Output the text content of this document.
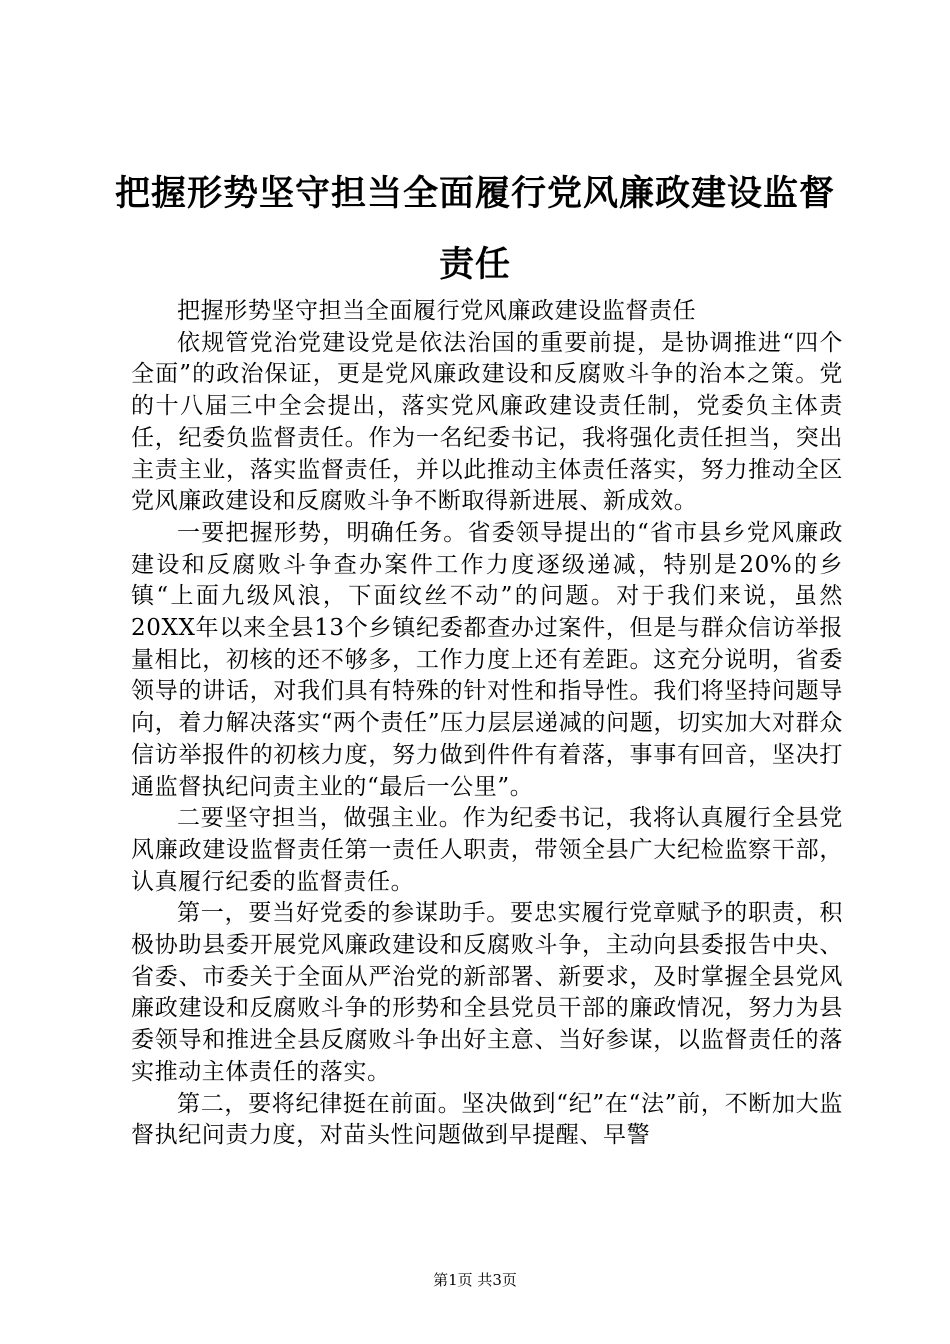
把握形势坚守担当全面履行党风廉政建设监督责任

把握形势坚守担当全面履行党风廉政建设监督责任

依规管党治党建设党是依法治国的重要前提，是协调推进“四个全面”的政治保证，更是党风廉政建设和反腐败斗争的治本之策。党的十八届三中全会提出，落实党风廉政建设责任制，党委负主体责任，纪委负监督责任。作为一名纪委书记，我将强化责任担当，突出主责主业，落实监督责任，并以此推动主体责任落实，努力推动全区党风廉政建设和反腐败斗争不断取得新进展、新成效。

一要把握形势，明确任务。省委领导提出的“省市县乡党风廉政建设和反腐败斗争查办案件工作力度逐级递减，特别是20%的乡镇“上面九级风浪，下面纹丝不动”的问题。对于我们来说，虽然20XX年以来全县13个乡镇纪委都查办过案件，但是与群众信访举报量相比，初核的还不够多，工作力度上还有差距。这充分说明，省委领导的讲话，对我们具有特殊的针对性和指导性。我们将坚持问题导向，着力解决落实“两个责任”压力层层递减的问题，切实加大对群众信访举报件的初核力度，努力做到件件有着落，事事有回音，坚决打通监督执纪问责主业的“最后一公里”。

二要坚守担当，做强主业。作为纪委书记，我将认真履行全县党风廉政建设监督责任第一责任人职责，带领全县广大纪检监察干部，认真履行纪委的监督责任。

第一，要当好党委的参谋助手。要忠实履行党章赋予的职责，积极协助县委开展党风廉政建设和反腐败斗争，主动向县委报告中央、省委、市委关于全面从严治党的新部署、新要求，及时掌握全县党风廉政建设和反腐败斗争的形势和全县党员干部的廉政情况，努力为县委领导和推进全县反腐败斗争出好主意、当好参谋，以监督责任的落实推动主体责任的落实。

第二，要将纪律挺在前面。坚决做到“纪”在“法”前，不断加大监督执纪问责力度，对苗头性问题做到早提醒、早警

第1页 共3页
